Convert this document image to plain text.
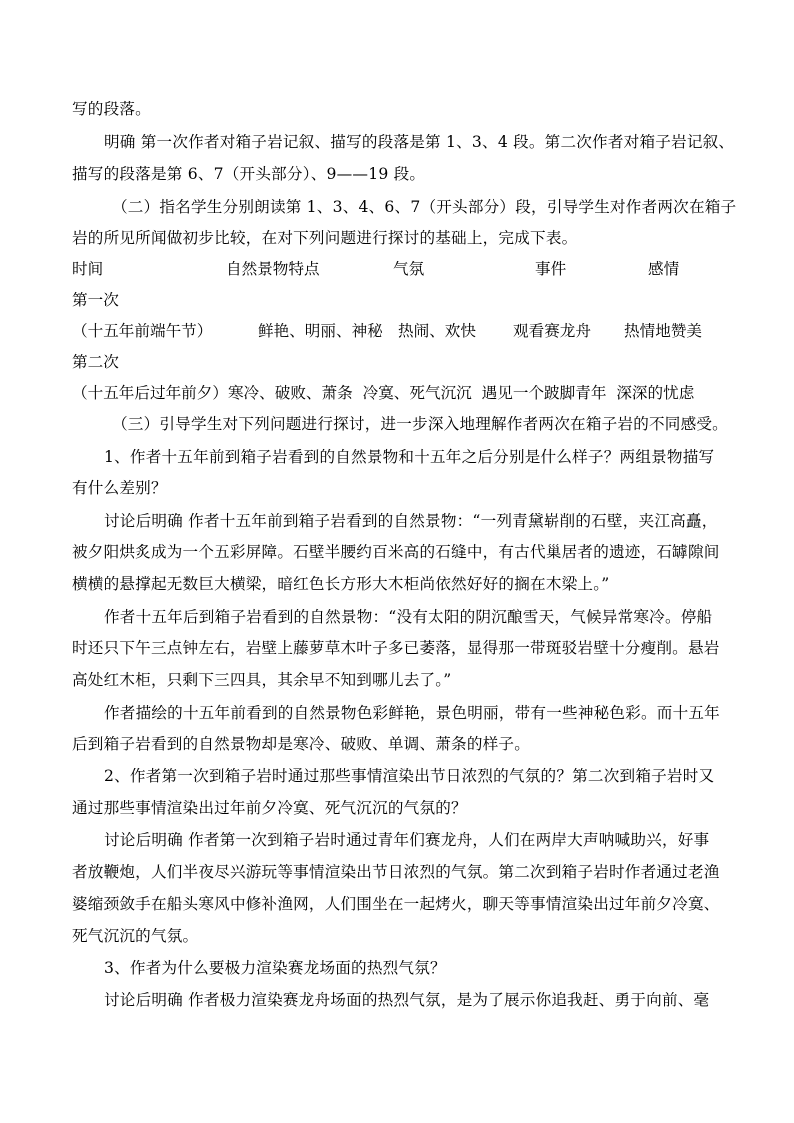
写的段落。
明确 第一次作者对箱子岩记叙、描写的段落是第 1、3、4 段。第二次作者对箱子岩记叙、
描写的段落是第 6、7（开头部分）、9——19 段。
（二）指名学生分别朗读第 1、3、4、6、7（开头部分）段，引导学生对作者两次在箱子
岩的所见所闻做初步比较，在对下列问题进行探讨的基础上，完成下表。
时间	自然景物特点	气氛	事件	感情
第一次
（十五年前端午节）	鲜艳、明丽、神秘 热闹、欢快 观看赛龙舟 热情地赞美
第二次
（十五年后过年前夕）寒冷、破败、萧条  冷寞、死气沉沉  遇见一个跛脚青年  深深的忧虑
（三）引导学生对下列问题进行探讨，进一步深入地理解作者两次在箱子岩的不同感受。
1、作者十五年前到箱子岩看到的自然景物和十五年之后分别是什么样子？两组景物描写
有什么差别？
讨论后明确 作者十五年前到箱子岩看到的自然景物：“一列青黛崭削的石壁，夹江高矗，
被夕阳烘炙成为一个五彩屏障。石壁半腰约百米高的石缝中，有古代巢居者的遗迹，石罅隙间
横横的悬撑起无数巨大横梁，暗红色长方形大木柜尚依然好好的搁在木梁上。”
作者十五年后到箱子岩看到的自然景物：“没有太阳的阴沉酿雪天，气候异常寒冷。停船
时还只下午三点钟左右，岩壁上藤萝草木叶子多已萎落，显得那一带斑驳岩壁十分瘦削。悬岩
高处红木柜，只剩下三四具，其余早不知到哪儿去了。”
作者描绘的十五年前看到的自然景物色彩鲜艳，景色明丽，带有一些神秘色彩。而十五年
后到箱子岩看到的自然景物却是寒冷、破败、单调、萧条的样子。
2、作者第一次到箱子岩时通过那些事情渲染出节日浓烈的气氛的？第二次到箱子岩时又
通过那些事情渲染出过年前夕冷寞、死气沉沉的气氛的？
讨论后明确 作者第一次到箱子岩时通过青年们赛龙舟，人们在两岸大声呐喊助兴，好事
者放鞭炮，人们半夜尽兴游玩等事情渲染出节日浓烈的气氛。第二次到箱子岩时作者通过老渔
婆缩颈敛手在船头寒风中修补渔网，人们围坐在一起烤火，聊天等事情渲染出过年前夕冷寞、
死气沉沉的气氛。
3、作者为什么要极力渲染赛龙场面的热烈气氛？
讨论后明确 作者极力渲染赛龙舟场面的热烈气氛，是为了展示你追我赶、勇于向前、毫
